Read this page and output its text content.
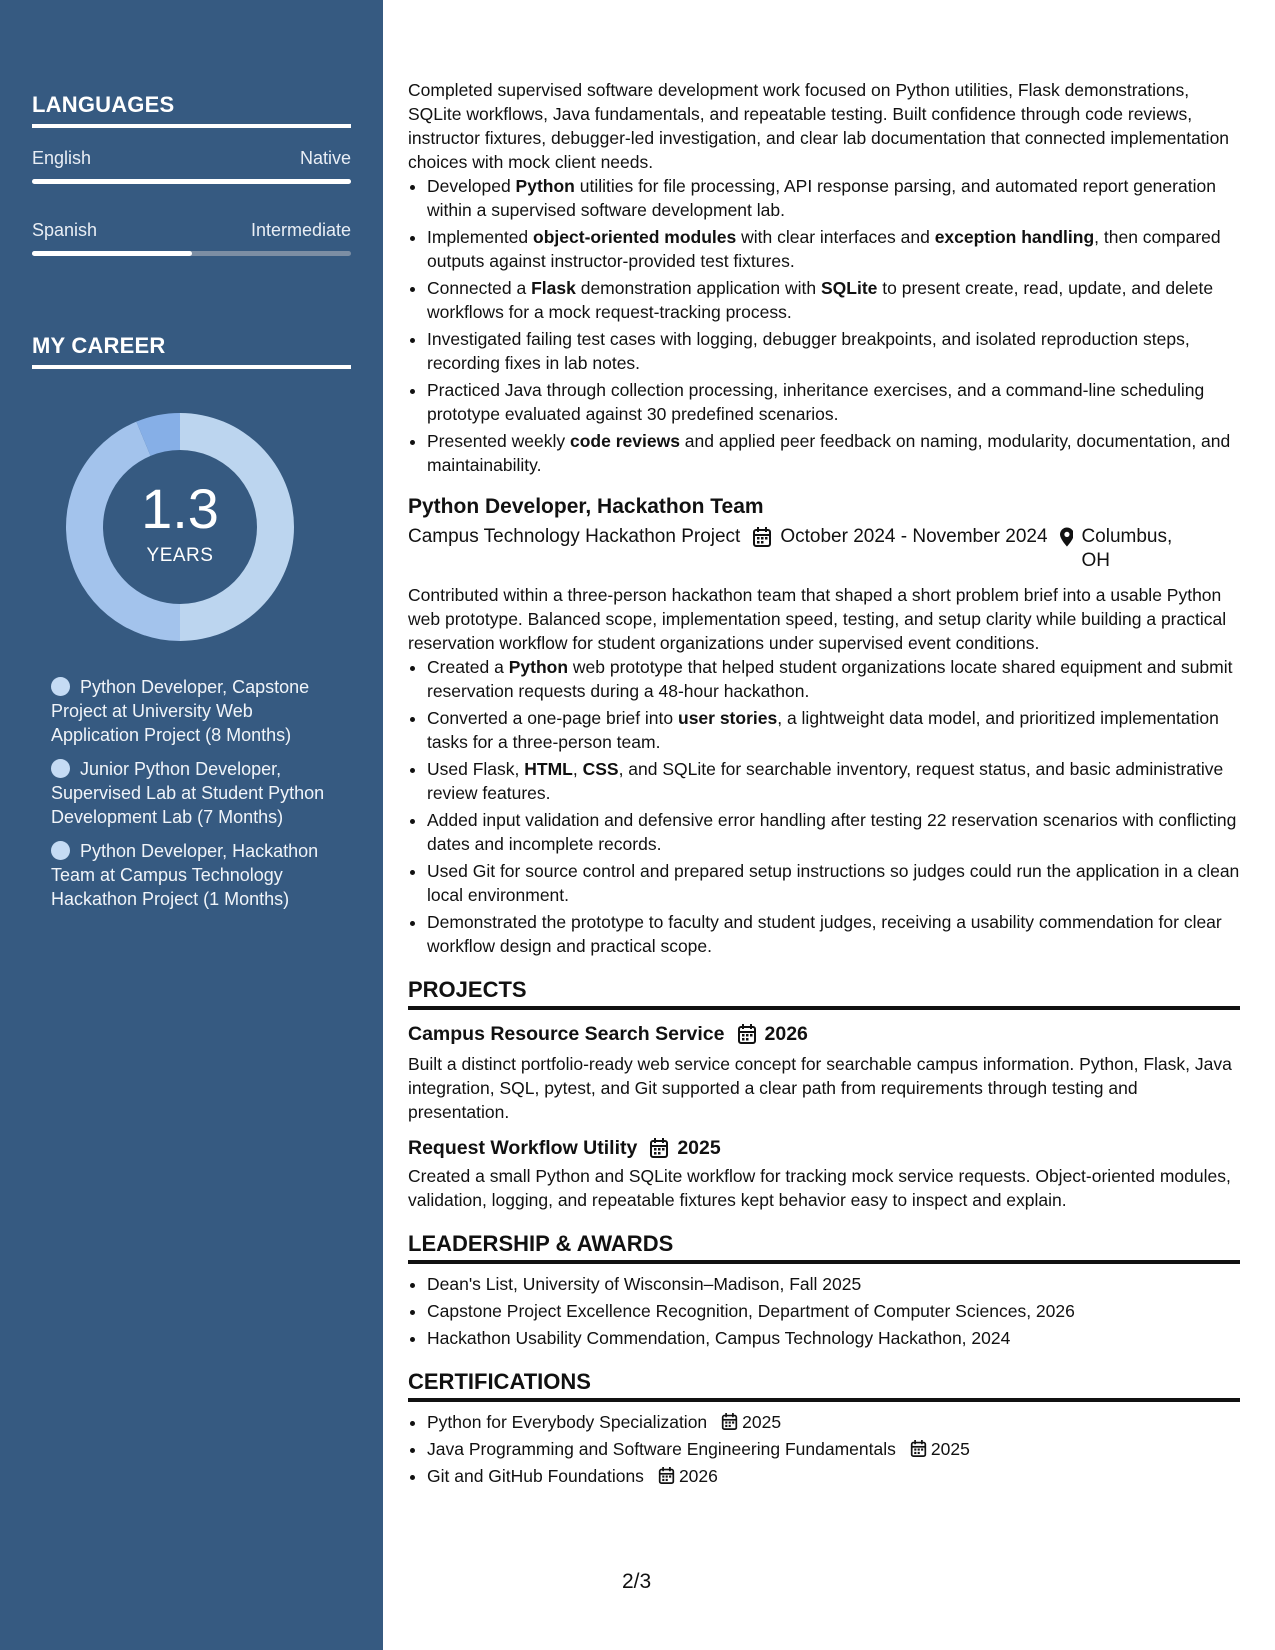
LANGUAGES
English	Native
Spanish	Intermediate
MY CAREER
1.3
YEARS
Python Developer, Capstone Project at University Web Application Project (8 Months)
Junior Python Developer, Supervised Lab at Student Python Development Lab (7 Months)
Python Developer, Hackathon Team at Campus Technology Hackathon Project (1 Months)

Completed supervised software development work focused on Python utilities, Flask demonstrations, SQLite workflows, Java fundamentals, and repeatable testing. Built confidence through code reviews, instructor fixtures, debugger-led investigation, and clear lab documentation that connected implementation choices with mock client needs.

• Developed Python utilities for file processing, API response parsing, and automated report generation within a supervised software development lab.
• Implemented object-oriented modules with clear interfaces and exception handling, then compared outputs against instructor-provided test fixtures.
• Connected a Flask demonstration application with SQLite to present create, read, update, and delete workflows for a mock request-tracking process.
• Investigated failing test cases with logging, debugger breakpoints, and isolated reproduction steps, recording fixes in lab notes.
• Practiced Java through collection processing, inheritance exercises, and a command-line scheduling prototype evaluated against 30 predefined scenarios.
• Presented weekly code reviews and applied peer feedback on naming, modularity, documentation, and maintainability.
Python Developer, Hackathon Team
Campus Technology Hackathon Project October 2024 - November 2024 Columbus, OH

Contributed within a three-person hackathon team that shaped a short problem brief into a usable Python web prototype. Balanced scope, implementation speed, testing, and setup clarity while building a practical reservation workflow for student organizations under supervised event conditions.

• Created a Python web prototype that helped student organizations locate shared equipment and submit reservation requests during a 48-hour hackathon.
• Converted a one-page brief into user stories, a lightweight data model, and prioritized implementation tasks for a three-person team.
• Used Flask, HTML, CSS, and SQLite for searchable inventory, request status, and basic administrative review features.
• Added input validation and defensive error handling after testing 22 reservation scenarios with conflicting dates and incomplete records.
• Used Git for source control and prepared setup instructions so judges could run the application in a clean local environment.
• Demonstrated the prototype to faculty and student judges, receiving a usability commendation for clear workflow design and practical scope.
PROJECTS
Campus Resource Search Service 2026

Built a distinct portfolio-ready web service concept for searchable campus information. Python, Flask, Java integration, SQL, pytest, and Git supported a clear path from requirements through testing and presentation.

Request Workflow Utility 2025

Created a small Python and SQLite workflow for tracking mock service requests. Object-oriented modules, validation, logging, and repeatable fixtures kept behavior easy to inspect and explain.

LEADERSHIP & AWARDS
• Dean's List, University of Wisconsin–Madison, Fall 2025
• Capstone Project Excellence Recognition, Department of Computer Sciences, 2026
• Hackathon Usability Commendation, Campus Technology Hackathon, 2024
CERTIFICATIONS
• Python for Everybody Specialization 2025
• Java Programming and Software Engineering Fundamentals 2025
• Git and GitHub Foundations 2026
2/3
